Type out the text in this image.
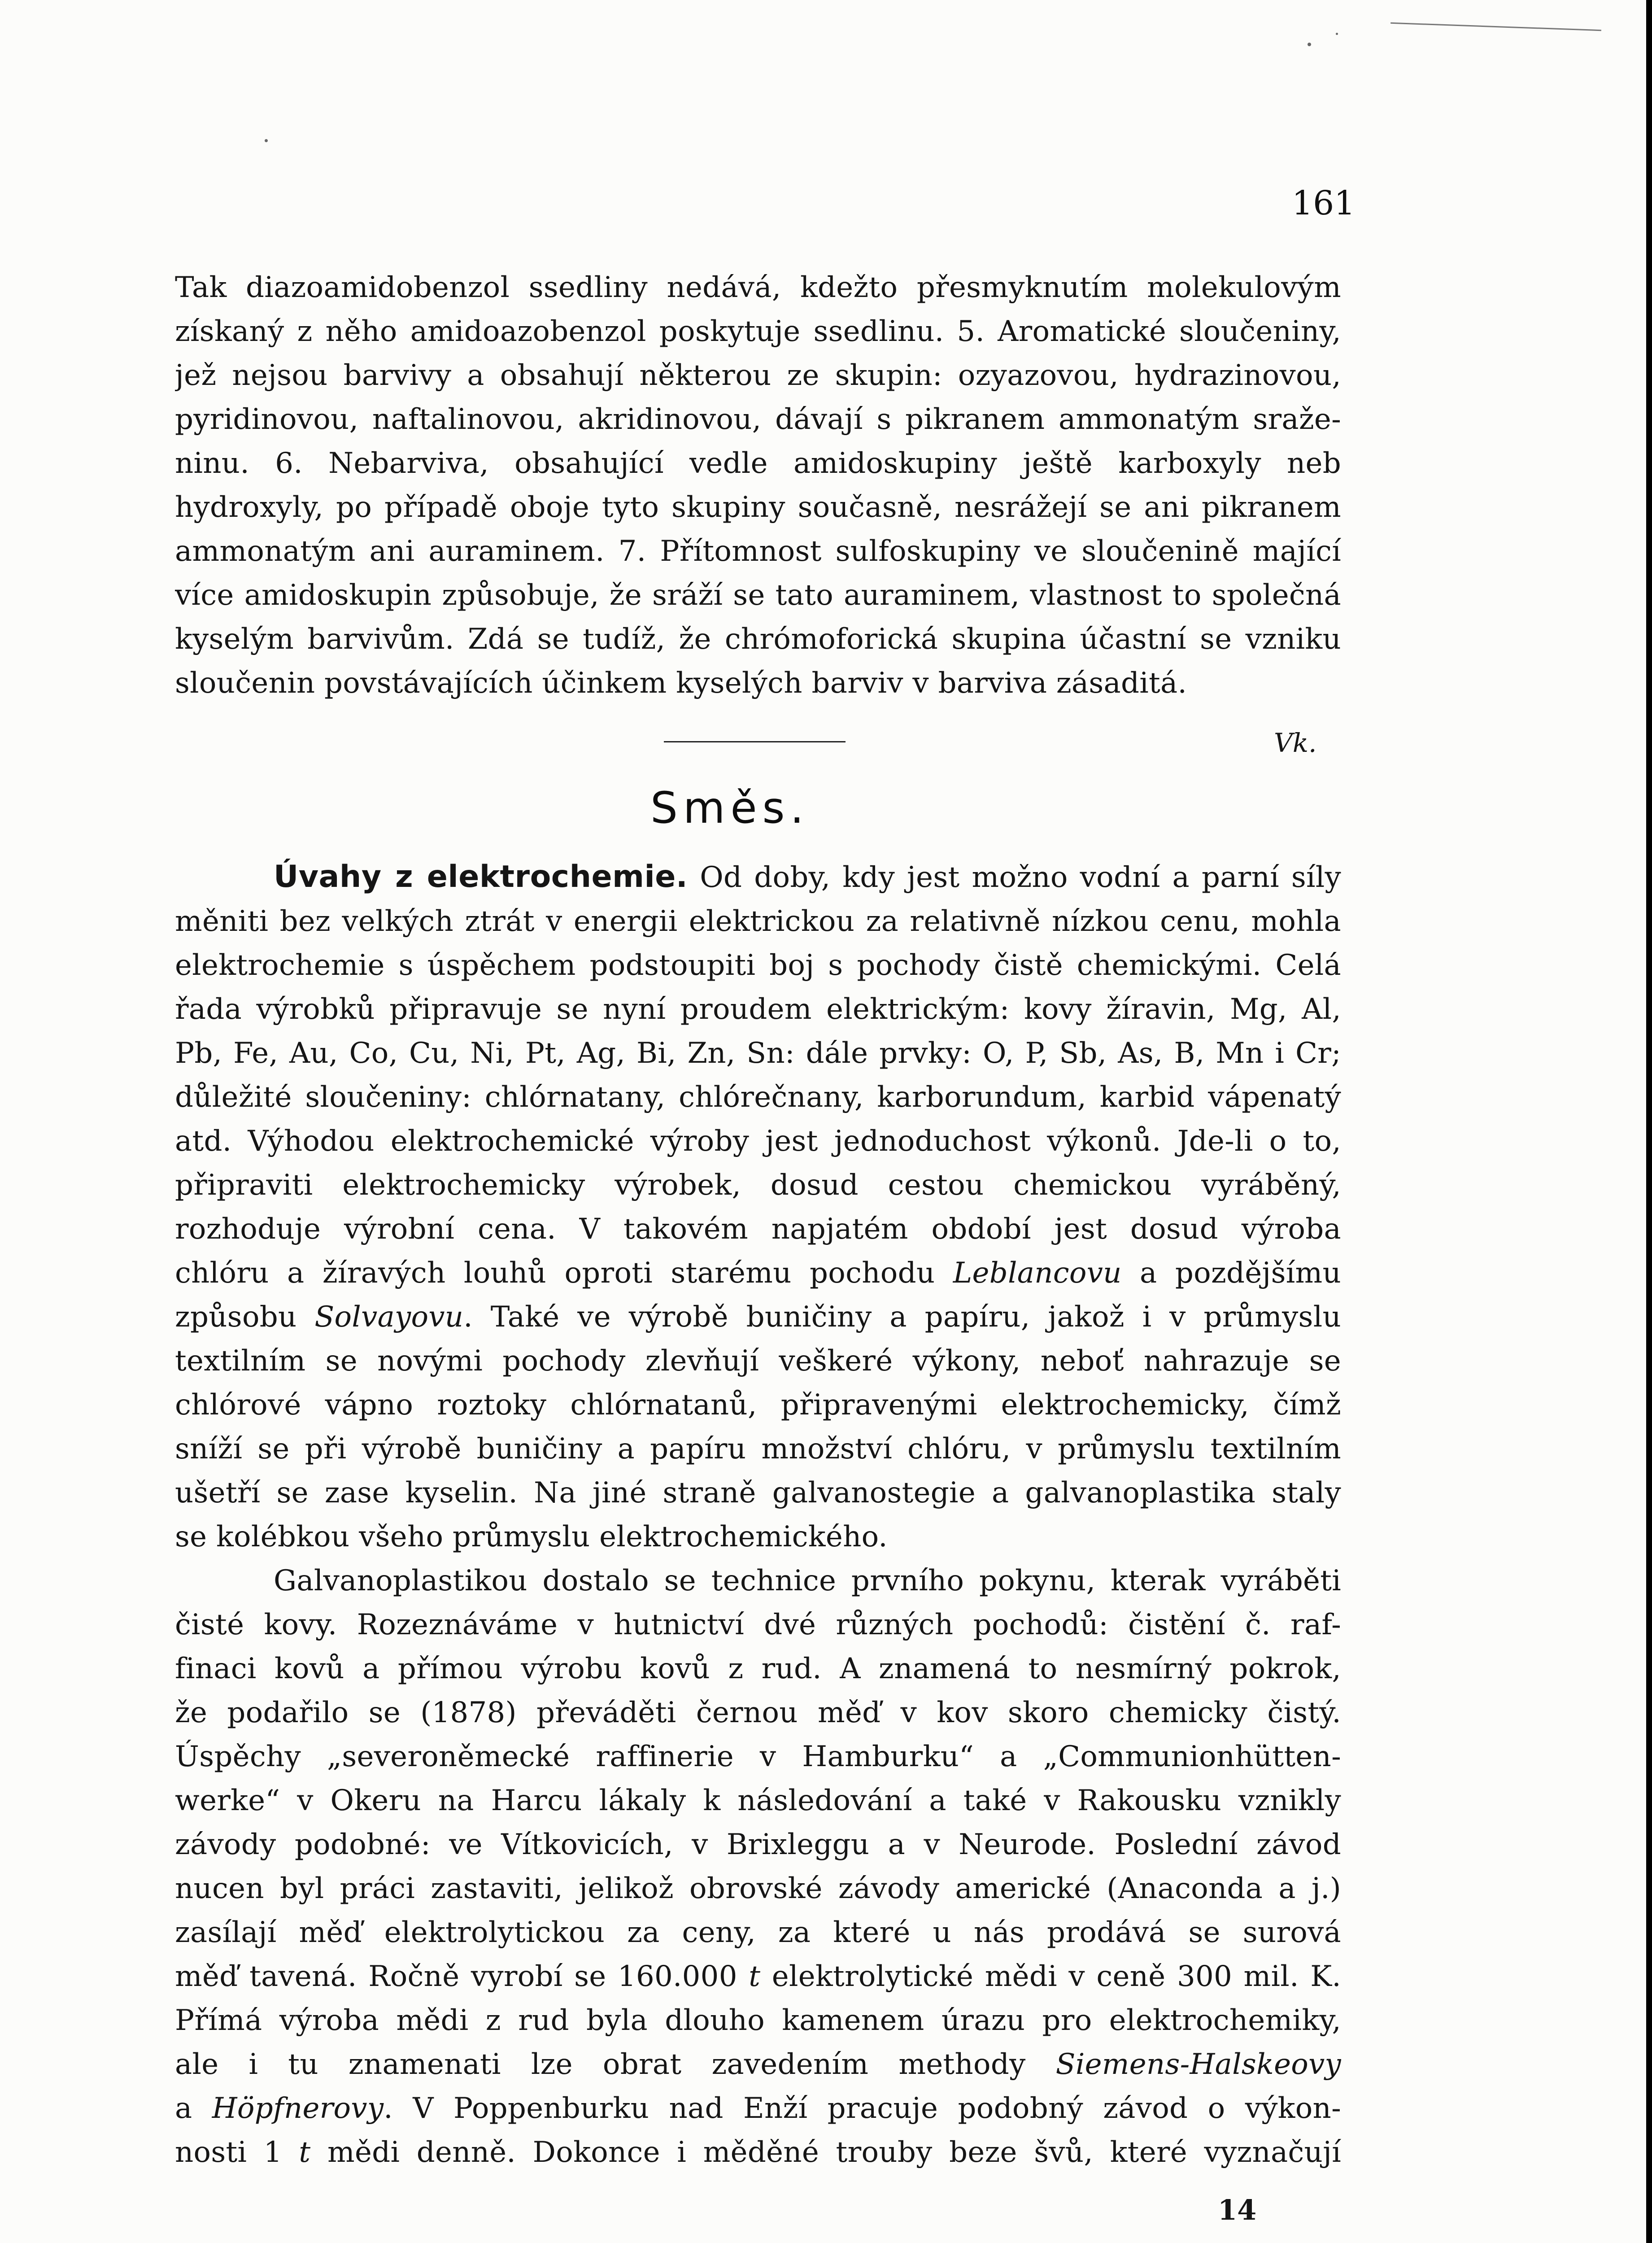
161
Tak diazoamidobenzol ssedliny nedává, kdežto přesmyknutím molekulovým
získaný z něho amidoazobenzol poskytuje ssedlinu. 5. Aromatické sloučeniny,
jež nejsou barvivy a obsahují některou ze skupin: ozyazovou, hydrazinovou,
pyridinovou, naftalinovou, akridinovou, dávají s pikranem ammonatým sraže-
ninu. 6. Nebarviva, obsahující vedle amidoskupiny ještě karboxyly neb
hydroxyly, po případě oboje tyto skupiny současně, nesrážejí se ani pikranem
ammonatým ani auraminem. 7. Přítomnost sulfoskupiny ve sloučenině mající
více amidoskupin způsobuje, že sráží se tato auraminem, vlastnost to společná
kyselým barvivům. Zdá se tudíž, že chrómoforická skupina účastní se vzniku
sloučenin povstávajících účinkem kyselých barviv v barviva zásaditá.
Vk.
Směs.
Úvahy z elektrochemie. Od doby, kdy jest možno vodní a parní síly
měniti bez velkých ztrát v energii elektrickou za relativně nízkou cenu, mohla
elektrochemie s úspěchem podstoupiti boj s pochody čistě chemickými. Celá
řada výrobků připravuje se nyní proudem elektrickým: kovy žíravin, Mg, Al,
Pb, Fe, Au, Co, Cu, Ni, Pt, Ag, Bi, Zn, Sn: dále prvky: O, P, Sb, As, B, Mn i Cr;
důležité sloučeniny: chlórnatany, chlórečnany, karborundum, karbid vápenatý
atd. Výhodou elektrochemické výroby jest jednoduchost výkonů. Jde-li o to,
připraviti elektrochemicky výrobek, dosud cestou chemickou vyráběný,
rozhoduje výrobní cena. V takovém napjatém období jest dosud výroba
chlóru a žíravých louhů oproti starému pochodu Leblancovu a pozdějšímu
způsobu Solvayovu. Také ve výrobě buničiny a papíru, jakož i v průmyslu
textilním se novými pochody zlevňují veškeré výkony, neboť nahrazuje se
chlórové vápno roztoky chlórnatanů, připravenými elektrochemicky, čímž
sníží se při výrobě buničiny a papíru množství chlóru, v průmyslu textilním
ušetří se zase kyselin. Na jiné straně galvanostegie a galvanoplastika staly
se kolébkou všeho průmyslu elektrochemického.
Galvanoplastikou dostalo se technice prvního pokynu, kterak vyráběti
čisté kovy. Rozeznáváme v hutnictví dvé různých pochodů: čistění č. raf-
finaci kovů a přímou výrobu kovů z rud. A znamená to nesmírný pokrok,
že podařilo se (1878) převáděti černou měď v kov skoro chemicky čistý.
Úspěchy „severoněmecké raffinerie v Hamburku“ a „Communionhütten-
werke“ v Okeru na Harcu lákaly k následování a také v Rakousku vznikly
závody podobné: ve Vítkovicích, v Brixleggu a v Neurode. Poslední závod
nucen byl práci zastaviti, jelikož obrovské závody americké (Anaconda a j.)
zasílají měď elektrolytickou za ceny, za které u nás prodává se surová
měď tavená. Ročně vyrobí se 160.000 t elektrolytické mědi v ceně 300 mil. K.
Přímá výroba mědi z rud byla dlouho kamenem úrazu pro elektrochemiky,
ale i tu znamenati lze obrat zavedením methody Siemens-Halskeovy
a Höpfnerovy. V Poppenburku nad Enží pracuje podobný závod o výkon-
nosti 1 t mědi denně. Dokonce i měděné trouby beze švů, které vyznačují
14
